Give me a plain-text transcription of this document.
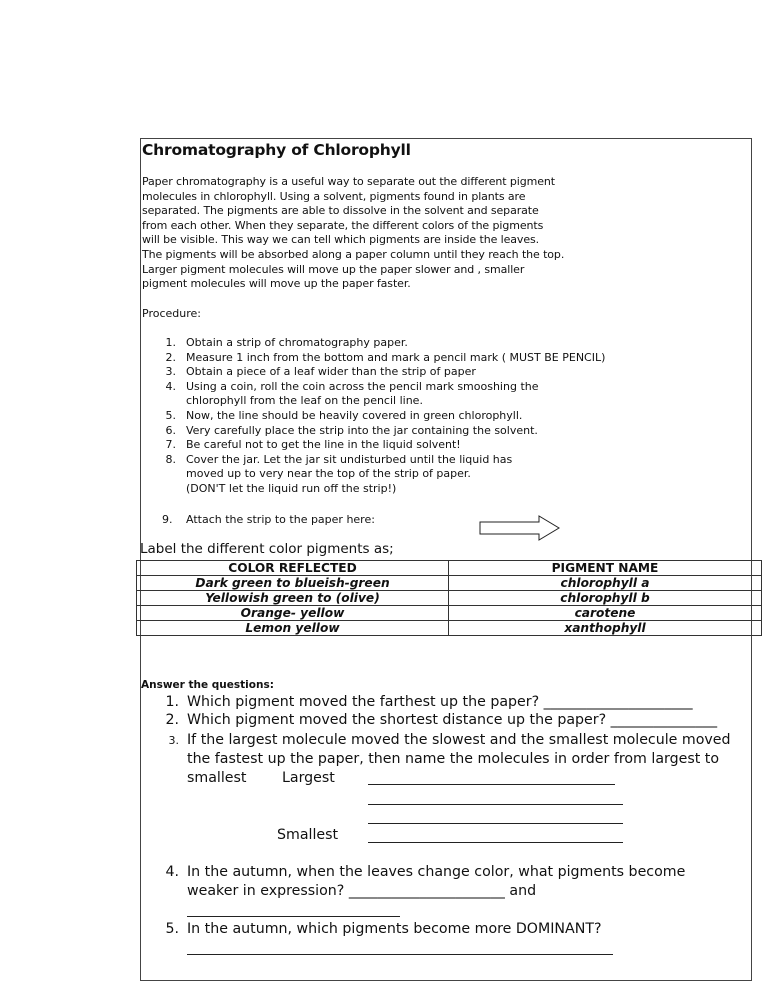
Chromatography of Chlorophyll
Paper chromatography is a useful way to separate out the different pigment
molecules in chlorophyll. Using a solvent, pigments found in plants are
separated. The pigments are able to dissolve in the solvent and separate
from each other. When they separate, the different colors of the pigments
will be visible. This way we can tell which pigments are inside the leaves.
The pigments will be absorbed along a paper column until they reach the top.
Larger pigment molecules will move up the paper slower and , smaller
pigment molecules will move up the paper faster.
Procedure:
1. Obtain a strip of chromatography paper.
2. Measure 1 inch from the bottom and mark a pencil mark ( MUST BE PENCIL)
3. Obtain a piece of a leaf wider than the strip of paper
4. Using a coin, roll the coin across the pencil mark smooshing the
chlorophyll from the leaf on the pencil line.
5. Now, the line should be heavily covered in green chlorophyll.
6. Very carefully place the strip into the jar containing the solvent.
7. Be careful not to get the line in the liquid solvent!
8. Cover the jar. Let the jar sit undisturbed until the liquid has
moved up to very near the top of the strip of paper.
(DON'T let the liquid run off the strip!)
9. Attach the strip to the paper here:
Label the different color pigments as;
COLOR REFLECTED	PIGMENT NAME
Dark green to blueish-green	chlorophyll a
Yellowish green to (olive)	chlorophyll b
Orange- yellow	carotene
Lemon yellow	xanthophyll
Answer the questions:
1. Which pigment moved the farthest up the paper? _____________________
2. Which pigment moved the shortest distance up the paper? _______________
3. If the largest molecule moved the slowest and the smallest molecule moved
the fastest up the paper, then name the molecules in order from largest to
smallest	Largest
Smallest
4. In the autumn, when the leaves change color, what pigments become
weaker in expression? ______________________ and
5. In the autumn, which pigments become more DOMINANT?
